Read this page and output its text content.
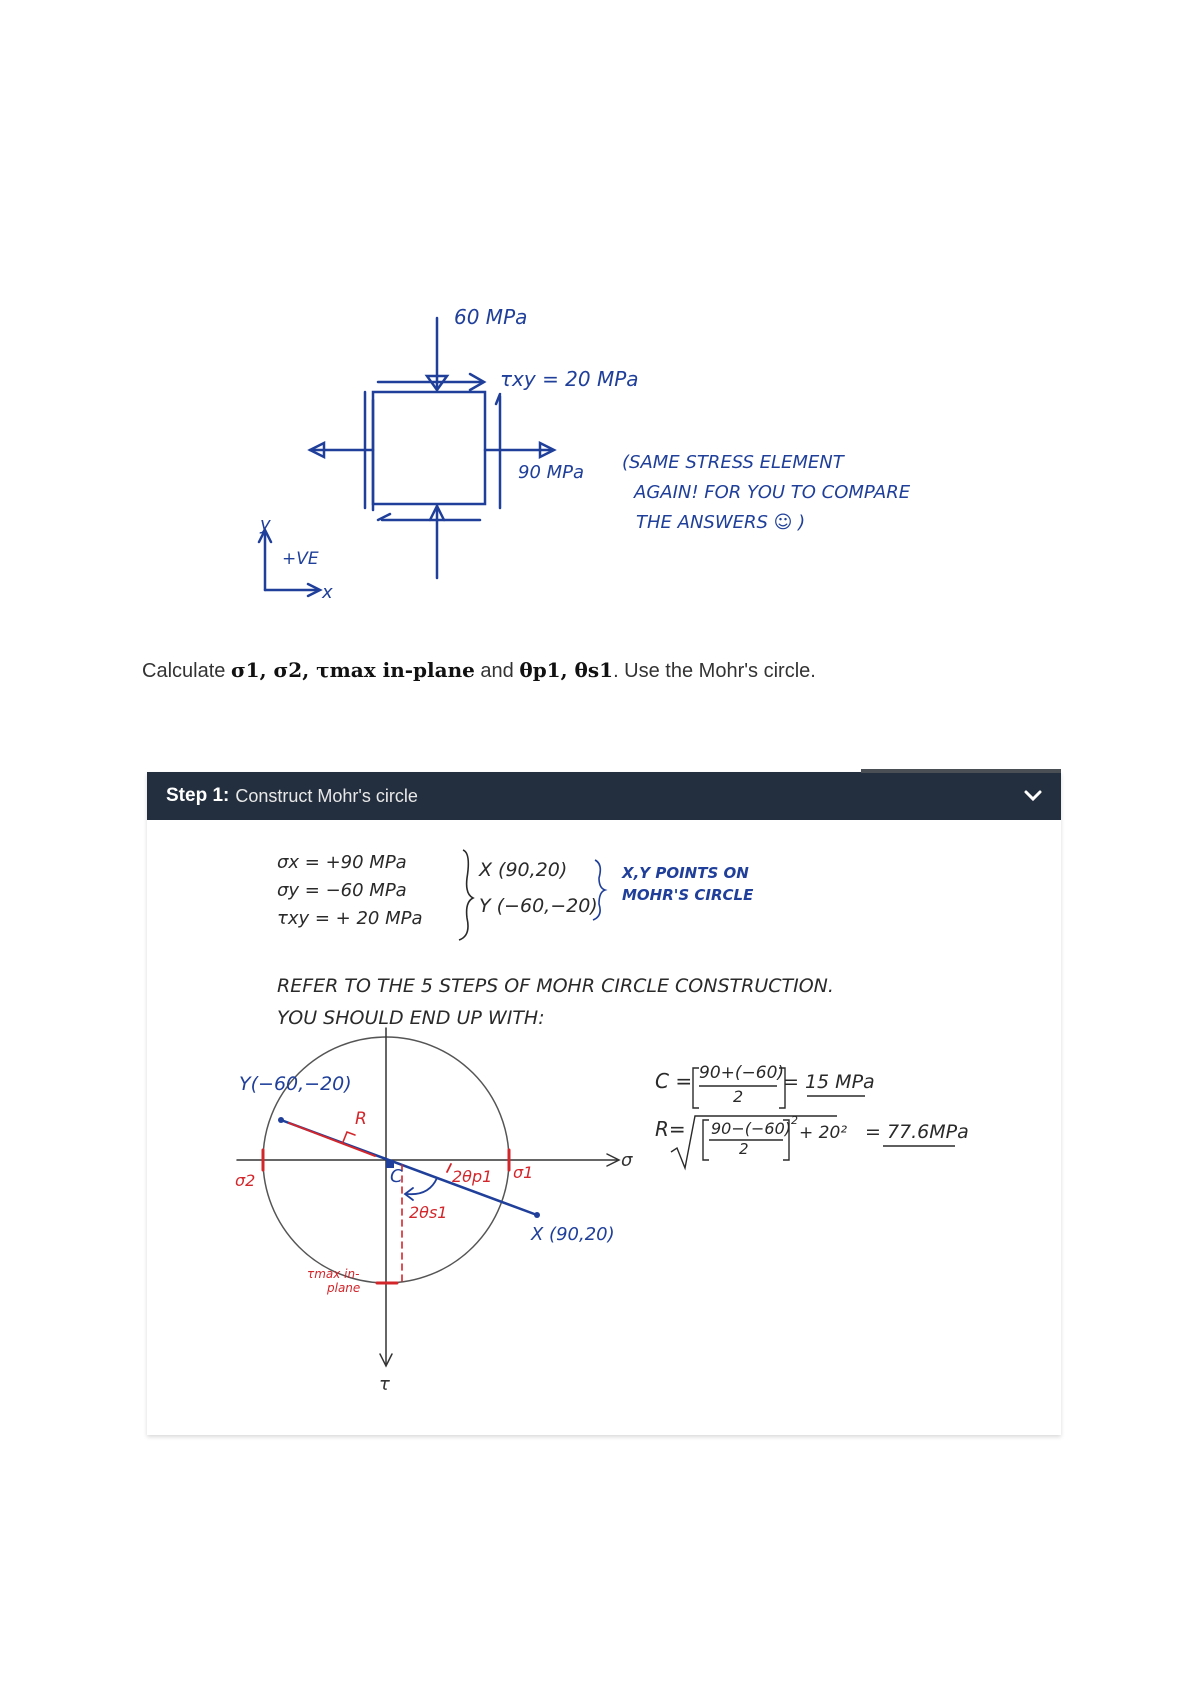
60 MPa
τxy = 20 MPa
90 MPa
y
x
+VE
(SAME STRESS ELEMENT
AGAIN! FOR YOU TO COMPARE
THE ANSWERS ☺ )
Calculate σ1, σ2, τmax in-plane and θp1, θs1. Use the Mohr's circle.
Step 1: Construct Mohr's circle
σx = +90 MPa
σy = −60 MPa
τxy = + 20 MPa
X (90,20)
Y (−60,−20)
REFER TO THE 5 STEPS OF MOHR CIRCLE CONSTRUCTION.
YOU SHOULD END UP WITH:
X,Y POINTS ON
MOHR'S CIRCLE
Y(−60,−20)
R
C	2θp1
2θs1
σ1
σ2
σ
τ
τmax in-
plane
X (90,20)
C = 90+(−60)
2
= 15 MPa
R= 90−(−60)
2
2
+ 20² = 77.6MPa
